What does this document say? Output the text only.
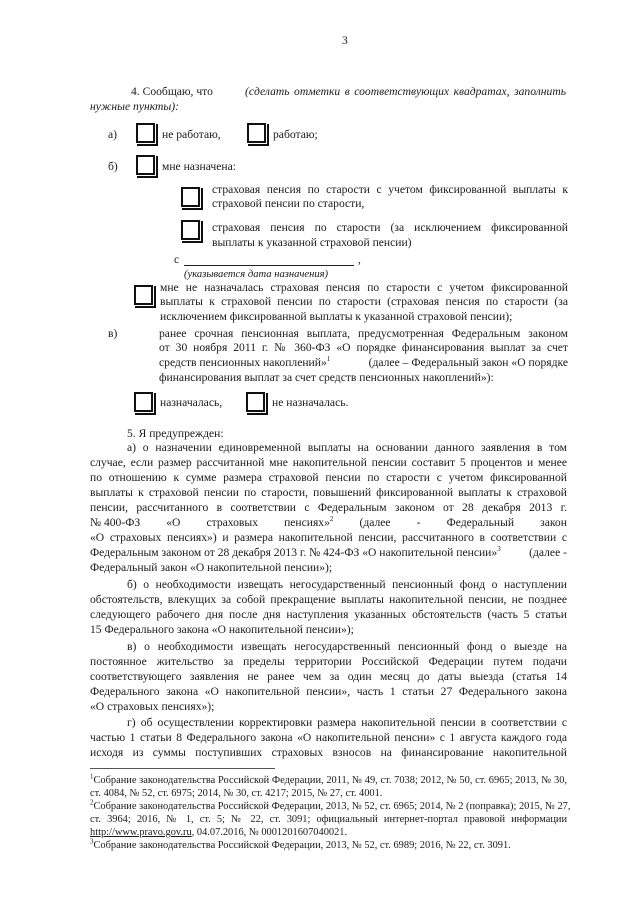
3
4. Сообщаю, что	(сделать отметки в соответствующих квадратах, заполнить
нужные пункты):
а)	не работаю,	работаю;
б)	мне назначена:
страховая пенсия по старости с учетом фиксированной выплаты к
страховой пенсии по старости,
страховая пенсия по старости (за исключением фиксированной
выплаты к указанной страховой пенсии)
с	,
(указывается дата назначения)
мне не назначалась страховая пенсия по старости с учетом фиксированной
выплаты к страховой пенсии по старости (страховая пенсия по старости (за
исключением фиксированной выплаты к указанной страховой пенсии);
в)	ранее срочная пенсионная выплата, предусмотренная Федеральным законом
от 30 ноября 2011 г. № 360-ФЗ «О порядке финансирования выплат за счет
средств пенсионных накоплений»$^1$	(далее – Федеральный закон «О порядке
финансирования выплат за счет средств пенсионных накоплений»):
назначалась,	не назначалась.
5. Я предупрежден:
а) о назначении единовременной выплаты на основании данного заявления в том
случае, если размер рассчитанной мне накопительной пенсии составит 5 процентов и менее
по отношению к сумме размера страховой пенсии по старости с учетом фиксированной
выплаты к страховой пенсии по старости, повышений фиксированной выплаты к страховой
пенсии, рассчитанного в соответствии с Федеральным законом от 28 декабря 2013 г.
№ 400-ФЗ «О страховых пенсиях»$^2$ (далее - Федеральный закон
«О страховых пенсиях») и размера накопительной пенсии, рассчитанного в соответствии с
Федеральным законом от 28 декабря 2013 г. № 424-ФЗ «О накопительной пенсии»$^3$ (далее -
Федеральный закон «О накопительной пенсии»);
б) о необходимости извещать негосударственный пенсионный фонд о наступлении
обстоятельств, влекущих за собой прекращение выплаты накопительной пенсии, не позднее
следующего рабочего дня после дня наступления указанных обстоятельств (часть 5 статьи
15 Федерального закона «О накопительной пенсии»);
в) о необходимости извещать негосударственный пенсионный фонд о выезде на
постоянное жительство за пределы территории Российской Федерации путем подачи
соответствующего заявления не ранее чем за один месяц до даты выезда (статья 14
Федерального закона «О накопительной пенсии», часть 1 статьи 27 Федерального закона
«О страховых пенсиях»);
г) об осуществлении корректировки размера накопительной пенсии в соответствии с
частью 1 статьи 8 Федерального закона «О накопительной пенсии» с 1 августа каждого года
исходя из суммы поступивших страховых взносов на финансирование накопительной
$^1$Собрание законодательства Российской Федерации, 2011, № 49, ст. 7038; 2012, № 50, ст. 6965; 2013, № 30,
ст. 4084, № 52, ст. 6975; 2014, № 30, ст. 4217; 2015, № 27, ст. 4001.
$^2$Собрание законодательства Российской Федерации, 2013, № 52, ст. 6965; 2014, № 2 (поправка); 2015, № 27,
ст. 3964; 2016, № 1, ст. 5; № 22, ст. 3091; официальный интернет-портал правовой информации
http://www.pravo.gov.ru, 04.07.2016, № 0001201607040021.
$^3$Собрание законодательства Российской Федерации, 2013, № 52, ст. 6989; 2016, № 22, ст. 3091.
